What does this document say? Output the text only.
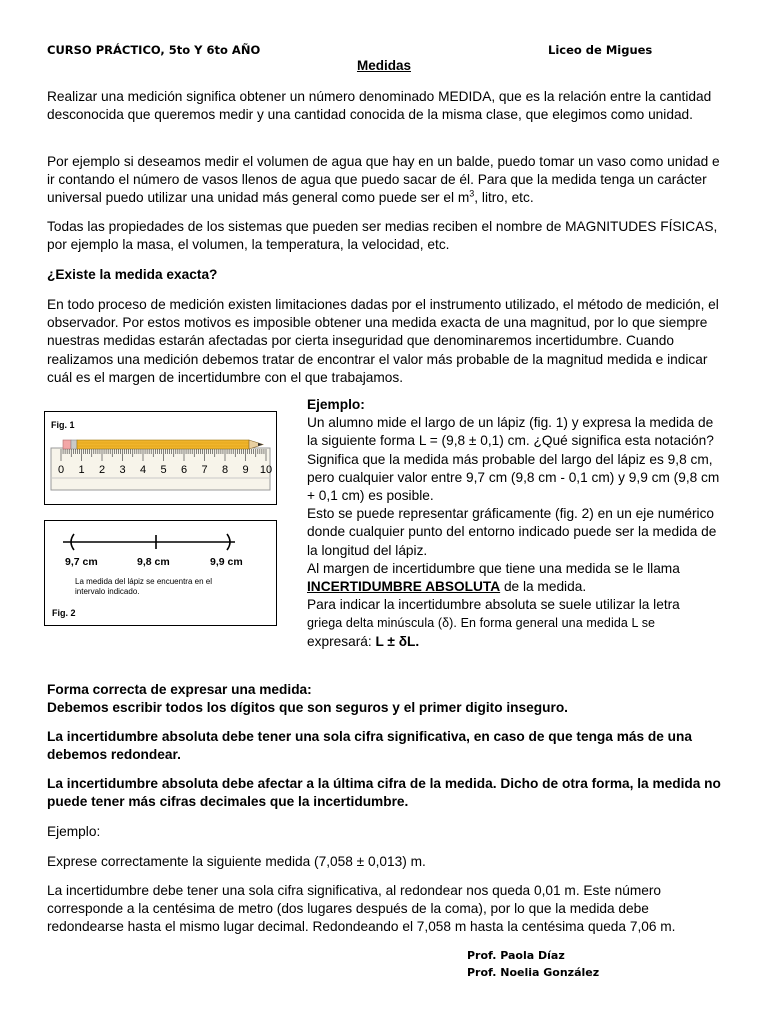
CURSO PRÁCTICO, 5to Y 6to AÑO	Liceo de Migues
Medidas
Realizar una medición significa obtener un número denominado MEDIDA, que es la relación entre la cantidad desconocida que queremos medir y una cantidad conocida de la misma clase, que elegimos como unidad.
Por ejemplo si deseamos medir el volumen de agua que hay en un balde, puedo tomar un vaso como unidad e ir contando el número de vasos llenos de agua que puedo sacar de él. Para que la medida tenga un carácter universal puedo utilizar una unidad más general como puede ser el $m^3$, litro, etc.
Todas las propiedades de los sistemas que pueden ser medias reciben el nombre de MAGNITUDES FÍSICAS, por ejemplo la masa, el volumen, la temperatura, la velocidad, etc.
¿Existe la medida exacta?
En todo proceso de medición existen limitaciones dadas por el instrumento utilizado, el método de medición, el observador. Por estos motivos es imposible obtener una medida exacta de una magnitud, por lo que siempre nuestras medidas estarán afectadas por cierta inseguridad que denominaremos incertidumbre. Cuando realizamos una medición debemos tratar de encontrar el valor más probable de la magnitud medida e indicar cuál es el margen de incertidumbre con el que trabajamos.
Fig. 1
0 1 2 3 4 5 6 7 8 9 10
9,7 cm	9,8 cm	9,9 cm
La medida del lápiz se encuentra en el
intervalo indicado.
Fig. 2
Ejemplo:
Un alumno mide el largo de un lápiz (fig. 1) y expresa la medida de la siguiente forma L = (9,8 ± 0,1) cm. ¿Qué significa esta notación?
Significa que la medida más probable del largo del lápiz es 9,8 cm, pero cualquier valor entre 9,7 cm (9,8 cm - 0,1 cm) y 9,9 cm (9,8 cm + 0,1 cm) es posible.
Esto se puede representar gráficamente (fig. 2) en un eje numérico donde cualquier punto del entorno indicado puede ser la medida de la longitud del lápiz.
Al margen de incertidumbre que tiene una medida se le llama INCERTIDUMBRE ABSOLUTA de la medida.
Para indicar la incertidumbre absoluta se suele utilizar la letra
griega delta minúscula (δ). En forma general una medida L se
expresará: L ± δL.
Forma correcta de expresar una medida:
Debemos escribir todos los dígitos que son seguros y el primer digito inseguro.
La incertidumbre absoluta debe tener una sola cifra significativa, en caso de que tenga más de una debemos redondear.
La incertidumbre absoluta debe afectar a la última cifra de la medida. Dicho de otra forma, la medida no puede tener más cifras decimales que la incertidumbre.
Ejemplo:
Exprese correctamente la siguiente medida (7,058 ± 0,013) m.
La incertidumbre debe tener una sola cifra significativa, al redondear nos queda 0,01 m. Este número corresponde a la centésima de metro (dos lugares después de la coma), por lo que la medida debe redondearse hasta el mismo lugar decimal. Redondeando el 7,058 m hasta la centésima queda 7,06 m.
Prof. Paola Díaz
Prof. Noelia González
